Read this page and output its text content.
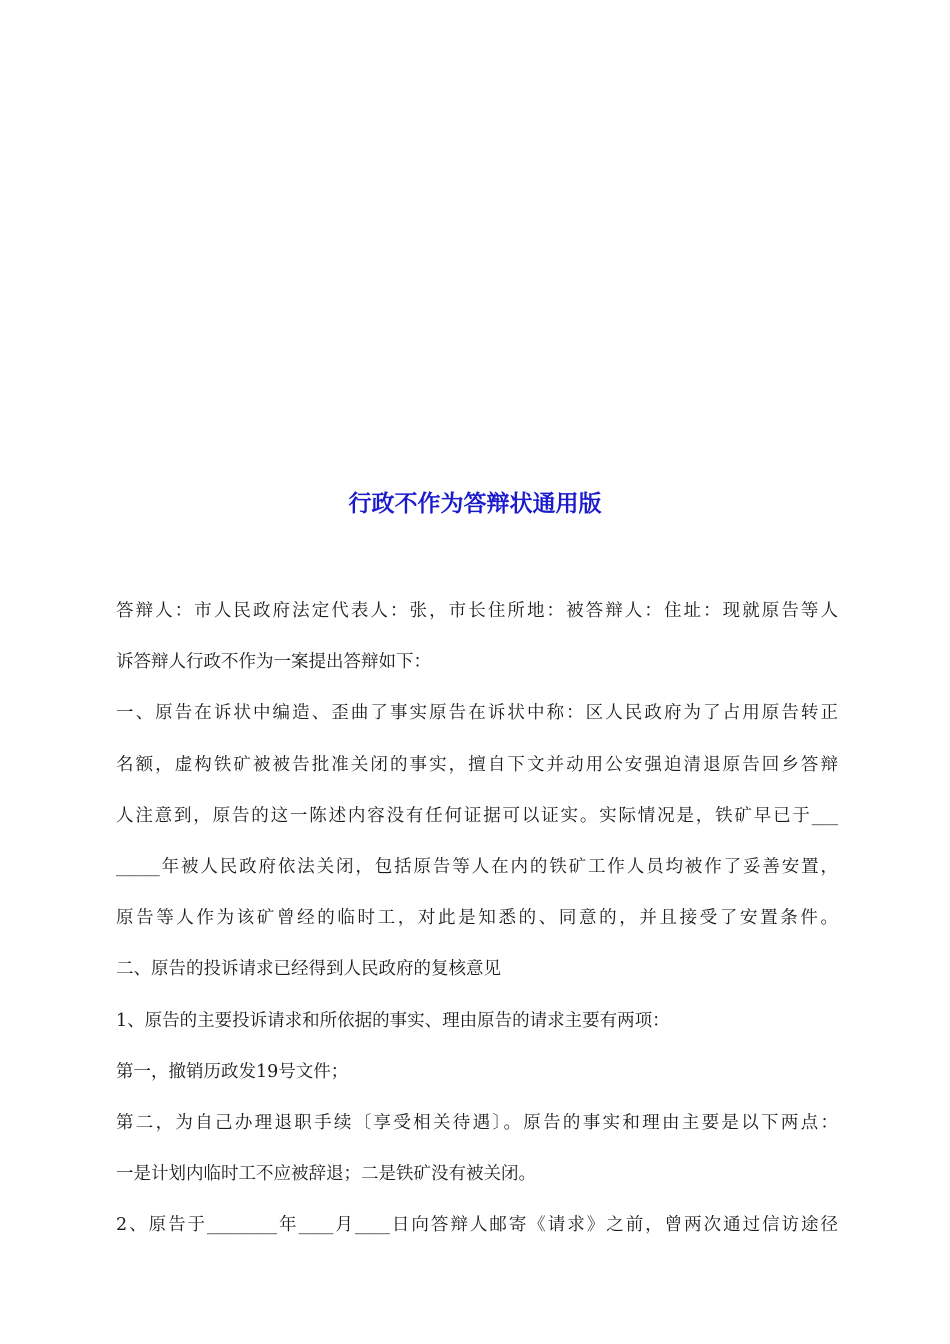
行政不作为答辩状通用版
答辩人：市人民政府法定代表人：张，市长住所地：被答辩人：住址：现就原告等人
诉答辩人行政不作为一案提出答辩如下：
一、原告在诉状中编造、歪曲了事实原告在诉状中称：区人民政府为了占用原告转正
名额，虚构铁矿被被告批准关闭的事实，擅自下文并动用公安强迫清退原告回乡答辩
人注意到，原告的这一陈述内容没有任何证据可以证实。实际情况是，铁矿早已于___
_____年被人民政府依法关闭，包括原告等人在内的铁矿工作人员均被作了妥善安置，
原告等人作为该矿曾经的临时工，对此是知悉的、同意的，并且接受了安置条件。
二、原告的投诉请求已经得到人民政府的复核意见
1、原告的主要投诉请求和所依据的事实、理由原告的请求主要有两项：
第一，撤销历政发19号文件；
第二，为自己办理退职手续〔享受相关待遇〕。原告的事实和理由主要是以下两点：
一是计划内临时工不应被辞退；二是铁矿没有被关闭。
2、原告于________年____月____日向答辩人邮寄《请求》之前，曾两次通过信访途径
